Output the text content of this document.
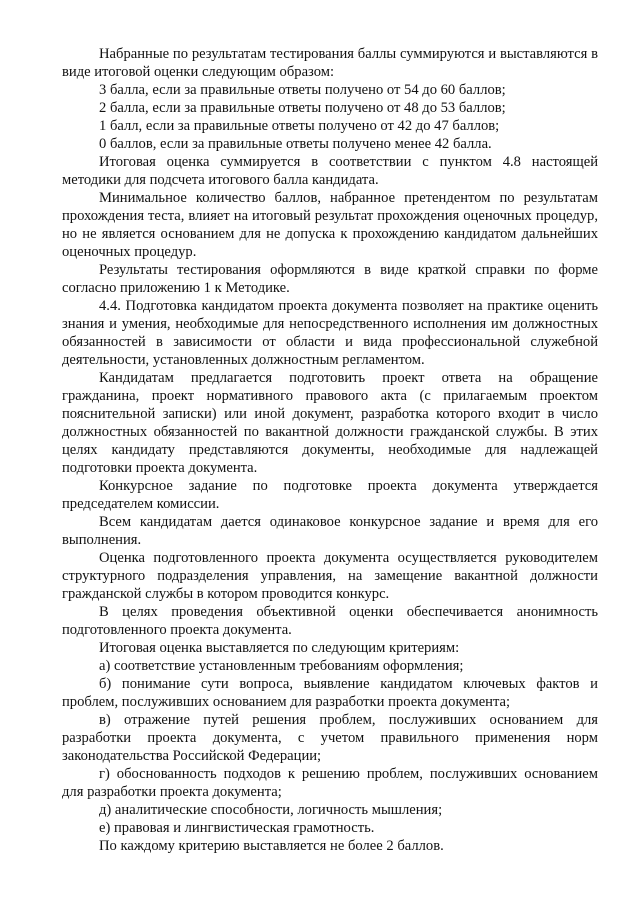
Набранные по результатам тестирования баллы суммируются и выставляются в виде итоговой оценки следующим образом:

3 балла, если за правильные ответы получено от 54 до 60 баллов;

2 балла, если за правильные ответы получено от 48 до 53 баллов;

1 балл, если за правильные ответы получено от 42 до 47 баллов;

0 баллов, если за правильные ответы получено менее 42 балла.

Итоговая оценка суммируется в соответствии с пунктом 4.8 настоящей методики для подсчета итогового балла кандидата.

Минимальное количество баллов, набранное претендентом по результатам прохождения теста, влияет на итоговый результат прохождения оценочных процедур, но не является основанием для не допуска к прохождению кандидатом дальнейших оценочных процедур.

Результаты тестирования оформляются в виде краткой справки по форме согласно приложению 1 к Методике.

4.4. Подготовка кандидатом проекта документа позволяет на практике оценить знания и умения, необходимые для непосредственного исполнения им должностных обязанностей в зависимости от области и вида профессиональной служебной деятельности, установленных должностным регламентом.

Кандидатам предлагается подготовить проект ответа на обращение гражданина, проект нормативного правового акта (с прилагаемым проектом пояснительной записки) или иной документ, разработка которого входит в число должностных обязанностей по вакантной должности гражданской службы. В этих целях кандидату представляются документы, необходимые для надлежащей подготовки проекта документа.

Конкурсное задание по подготовке проекта документа утверждается председателем комиссии.

Всем кандидатам дается одинаковое конкурсное задание и время для его выполнения.

Оценка подготовленного проекта документа осуществляется руководителем структурного подразделения управления, на замещение вакантной должности гражданской службы в котором проводится конкурс.

В целях проведения объективной оценки обеспечивается анонимность подготовленного проекта документа.

Итоговая оценка выставляется по следующим критериям:

а) соответствие установленным требованиям оформления;

б) понимание сути вопроса, выявление кандидатом ключевых фактов и проблем, послуживших основанием для разработки проекта документа;

в) отражение путей решения проблем, послуживших основанием для разработки проекта документа, с учетом правильного применения норм законодательства Российской Федерации;

г) обоснованность подходов к решению проблем, послуживших основанием для разработки проекта документа;

д) аналитические способности, логичность мышления;

е) правовая и лингвистическая грамотность.

По каждому критерию выставляется не более 2 баллов.
